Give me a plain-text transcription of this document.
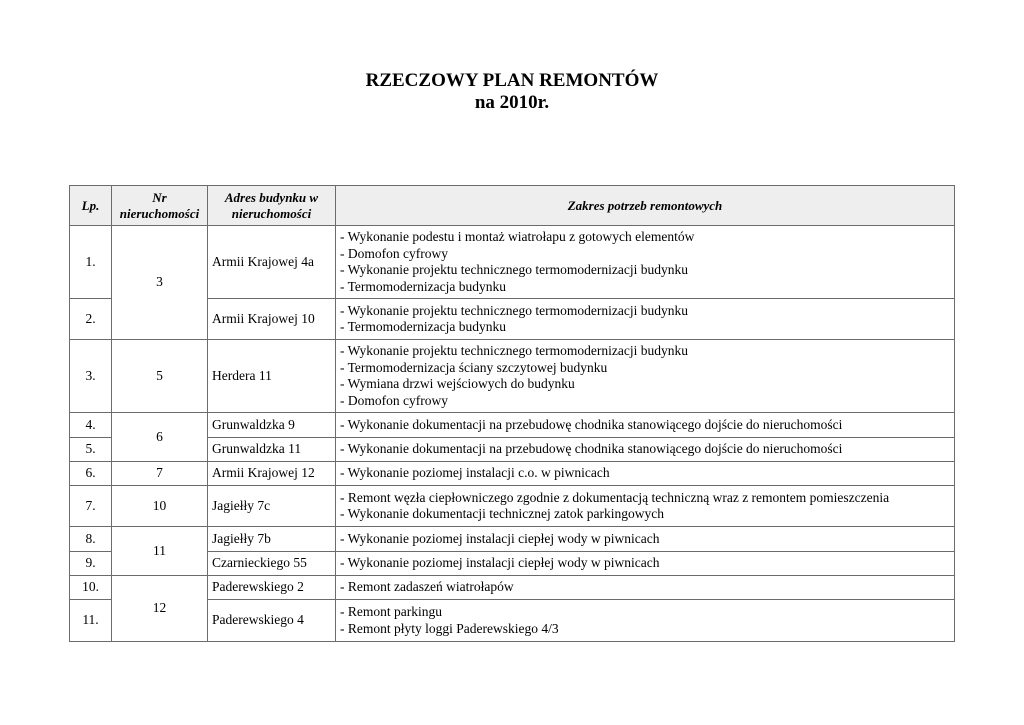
RZECZOWY PLAN REMONTÓW
na 2010r.
Lp.	Nr nieruchomości	Adres budynku w nieruchomości	Zakres potrzeb remontowych
1.	3	Armii Krajowej 4a	- Wykonanie podestu i montaż wiatrołapu z gotowych elementów
- Domofon cyfrowy
- Wykonanie projektu technicznego termomodernizacji budynku
- Termomodernizacja budynku

2.		Armii Krajowej 10	- Wykonanie projektu technicznego termomodernizacji budynku
- Termomodernizacja budynku

3.	5	Herdera 11	- Wykonanie projektu technicznego termomodernizacji budynku
- Termomodernizacja ściany szczytowej budynku
- Wymiana drzwi wejściowych do budynku
- Domofon cyfrowy

4.	6	Grunwaldzka 9	- Wykonanie dokumentacji na przebudowę chodnika stanowiącego dojście do nieruchomości

5.		Grunwaldzka 11	- Wykonanie dokumentacji na przebudowę chodnika stanowiącego dojście do nieruchomości

6.	7	Armii Krajowej 12	- Wykonanie poziomej instalacji c.o. w piwnicach

7.	10	Jagiełły 7c	- Remont węzła ciepłowniczego zgodnie z dokumentacją techniczną wraz z remontem pomieszczenia
- Wykonanie dokumentacji technicznej zatok parkingowych

8.	11	Jagiełły 7b	- Wykonanie poziomej instalacji ciepłej wody w piwnicach

9.		Czarnieckiego 55	- Wykonanie poziomej instalacji ciepłej wody w piwnicach

10.	12	Paderewskiego 2	- Remont zadaszeń wiatrołapów

11.		Paderewskiego 4	- Remont parkingu
- Remont płyty loggi Paderewskiego 4/3
